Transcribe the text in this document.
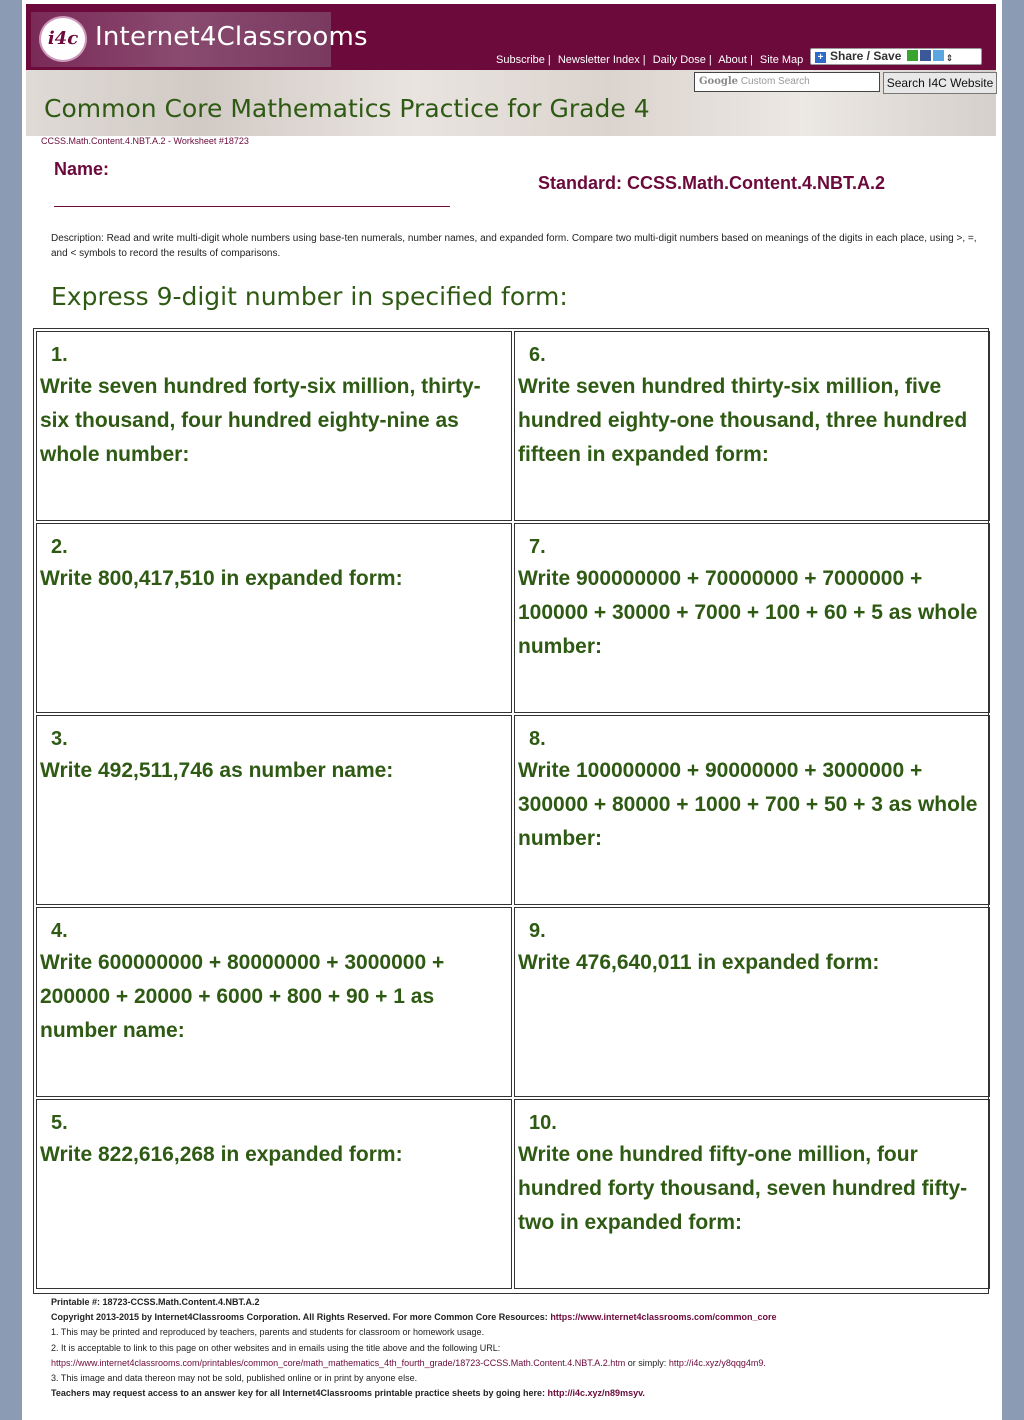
i4c Internet4Classrooms
Subscribe | Newsletter Index | Daily Dose | About | Site Map	+ Share / Save	⇕
Google Custom Search	Search I4C Website
Common Core Mathematics Practice for Grade 4
CCSS.Math.Content.4.NBT.A.2 - Worksheet #18723
Name:
Standard: CCSS.Math.Content.4.NBT.A.2
Description: Read and write multi-digit whole numbers using base-ten numerals, number names, and expanded form. Compare two multi-digit numbers based on meanings of the digits in each place, using >, =, and < symbols to record the results of comparisons.
Express 9-digit number in specified form:
1.
Write seven hundred forty-six million, thirty-six thousand, four hundred eighty-nine as whole number:
6.
Write seven hundred thirty-six million, five hundred eighty-one thousand, three hundred fifteen in expanded form:
2.
Write 800,417,510 in expanded form:
7.
Write 900000000 + 70000000 + 7000000 + 100000 + 30000 + 7000 + 100 + 60 + 5 as whole number:
3.
Write 492,511,746 as number name:
8.
Write 100000000 + 90000000 + 3000000 + 300000 + 80000 + 1000 + 700 + 50 + 3 as whole number:
4.
Write 600000000 + 80000000 + 3000000 + 200000 + 20000 + 6000 + 800 + 90 + 1 as number name:
9.
Write 476,640,011 in expanded form:
5.
Write 822,616,268 in expanded form:
10.
Write one hundred fifty-one million, four hundred forty thousand, seven hundred fifty-two in expanded form:
Printable #: 18723-CCSS.Math.Content.4.NBT.A.2
Copyright 2013-2015 by Internet4Classrooms Corporation. All Rights Reserved. For more Common Core Resources: https://www.internet4classrooms.com/common_core
1. This may be printed and reproduced by teachers, parents and students for classroom or homework usage.
2. It is acceptable to link to this page on other websites and in emails using the title above and the following URL:
https://www.internet4classrooms.com/printables/common_core/math_mathematics_4th_fourth_grade/18723-CCSS.Math.Content.4.NBT.A.2.htm or simply: http://i4c.xyz/y8qqg4m9.
3. This image and data thereon may not be sold, published online or in print by anyone else.
Teachers may request access to an answer key for all Internet4Classrooms printable practice sheets by going here: http://i4c.xyz/n89msyv.
